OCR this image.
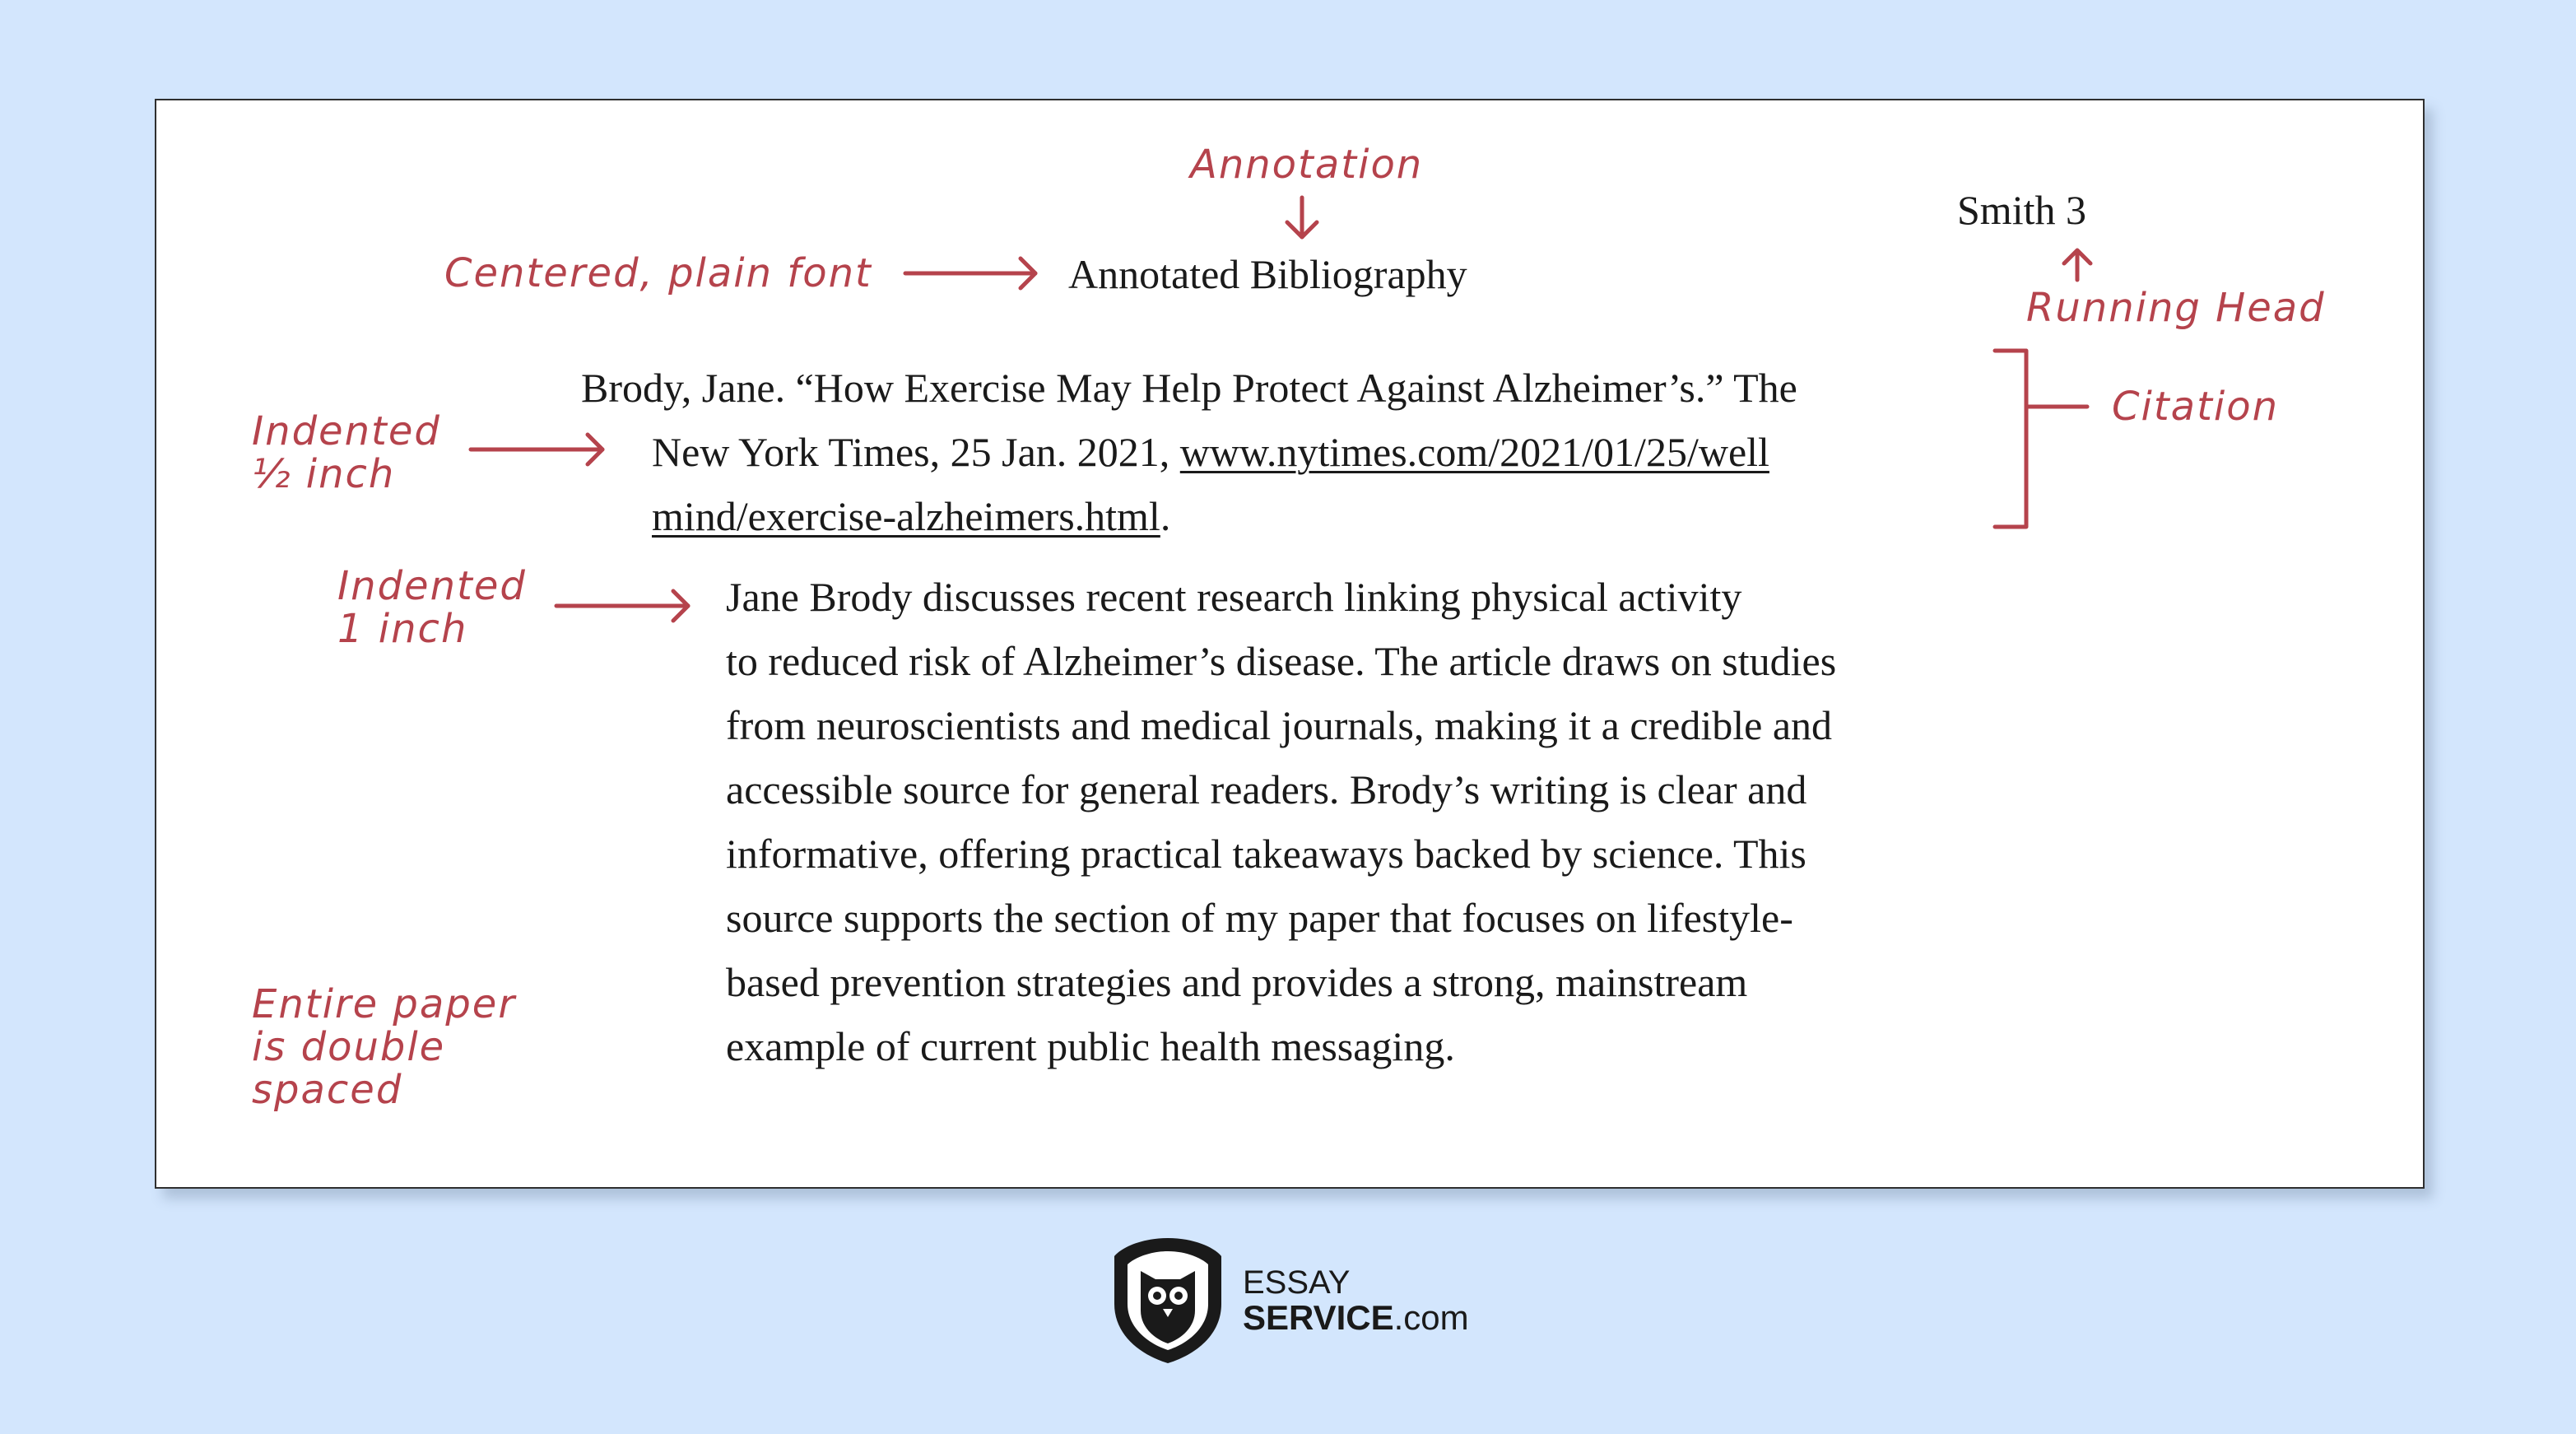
Smith 3
Annotated Bibliography
Brody, Jane. “How Exercise May Help Protect Against Alzheimer’s.” The
New York Times, 25 Jan. 2021, www.nytimes.com/2021/01/25/well
mind/exercise-alzheimers.html.
Jane Brody discusses recent research linking physical activity
to reduced risk of Alzheimer’s disease. The article draws on studies
from neuroscientists and medical journals, making it a credible and
accessible source for general readers. Brody’s writing is clear and
informative, offering practical takeaways backed by science. This
source supports the section of my paper that focuses on lifestyle-
based prevention strategies and provides a strong, mainstream
example of current public health messaging.
Annotation
Centered, plain font
Running Head
Citation
Indented
½ inch
Indented
1 inch
Entire paper
is double
spaced
ESSAY
SERVICE.com
